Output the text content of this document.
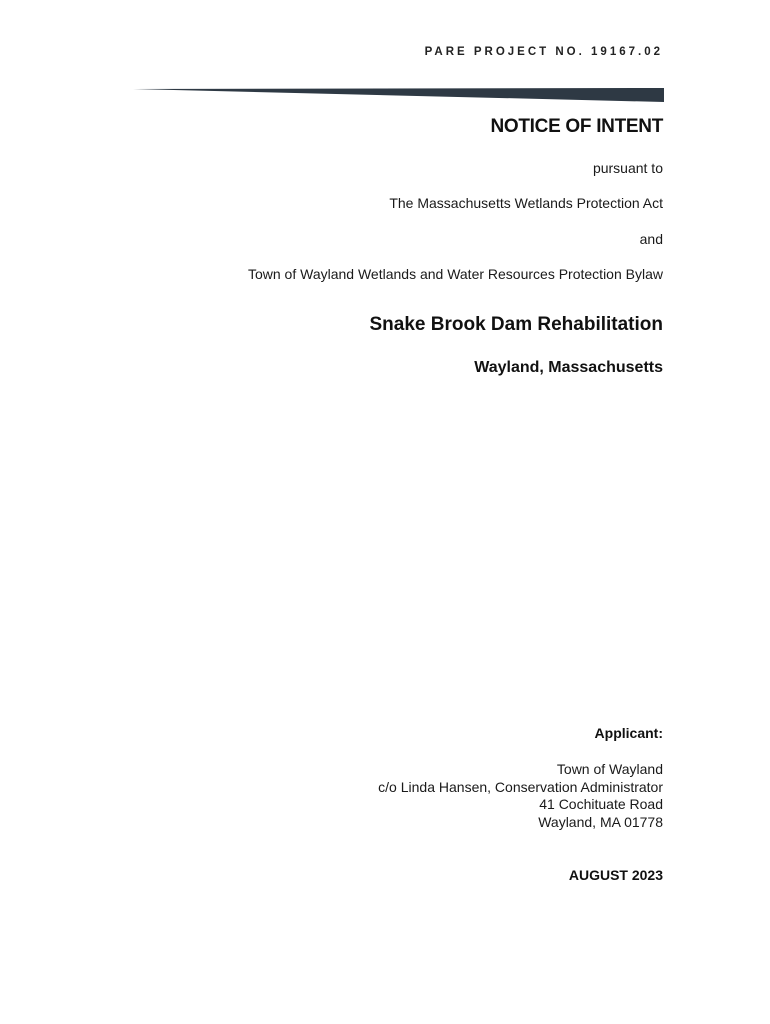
PARE PROJECT NO. 19167.02
NOTICE OF INTENT
pursuant to
The Massachusetts Wetlands Protection Act
and
Town of Wayland Wetlands and Water Resources Protection Bylaw
Snake Brook Dam Rehabilitation
Wayland, Massachusetts
Applicant:
Town of Wayland
c/o Linda Hansen, Conservation Administrator
41 Cochituate Road
Wayland, MA 01778
AUGUST 2023
